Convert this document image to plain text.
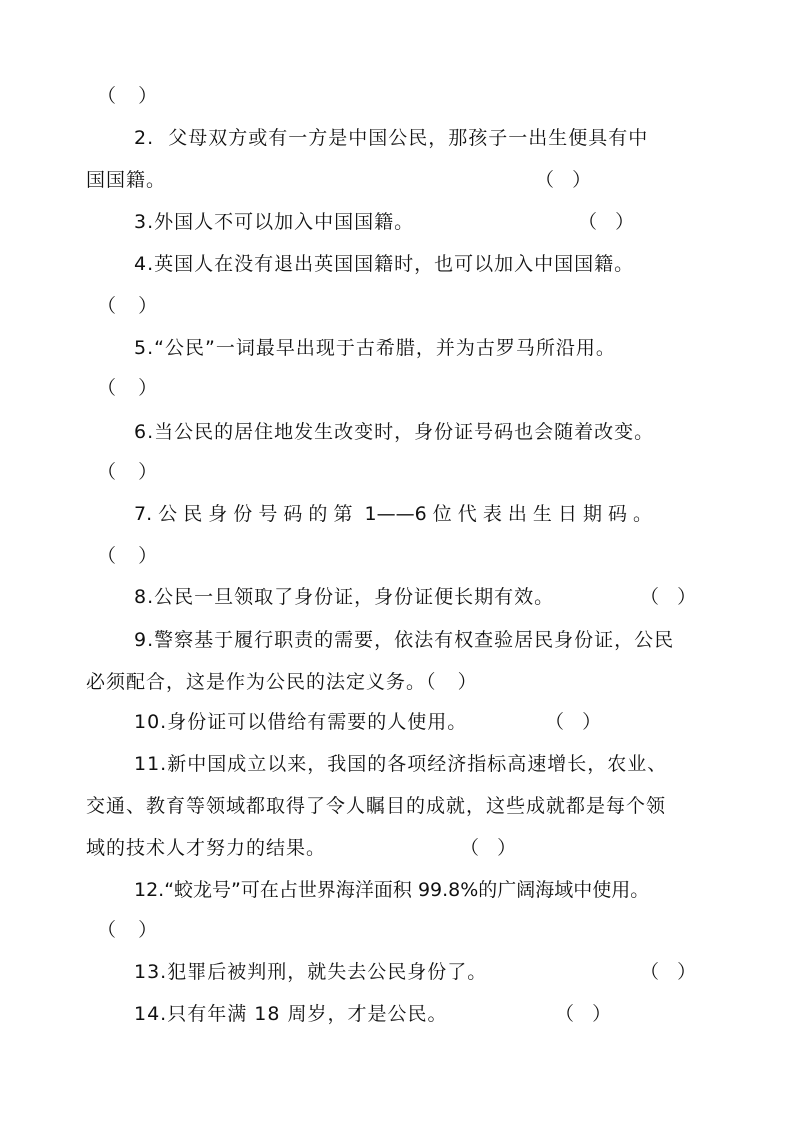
（   ）
2.  父母双方或有一方是中国公民，那孩子一出生便具有中
国国籍。	（   ）
3.外国人不可以加入中国国籍。	（   ）
4.英国人在没有退出英国国籍时，也可以加入中国国籍。
（   ）
5.“公民”一词最早出现于古希腊，并为古罗马所沿用。
（   ）
6.当公民的居住地发生改变时，身份证号码也会随着改变。
（   ）
7. 公 民 身 份 号 码 的 第  1——6 位 代 表 出 生 日 期 码 。
（   ）
8.公民一旦领取了身份证，身份证便长期有效。	（   ）
9.警察基于履行职责的需要，依法有权查验居民身份证，公民
必须配合，这是作为公民的法定义务。（   ）
10.身份证可以借给有需要的人使用。	（   ）
11.新中国成立以来，我国的各项经济指标高速增长，农业、
交通、教育等领域都取得了令人瞩目的成就，这些成就都是每个领
域的技术人才努力的结果。	（   ）
12.“蛟龙号”可在占世界海洋面积 99.8%的广阔海域中使用。
（   ）
13.犯罪后被判刑，就失去公民身份了。	（   ）
14.只有年满 18 周岁，才是公民。	（   ）
